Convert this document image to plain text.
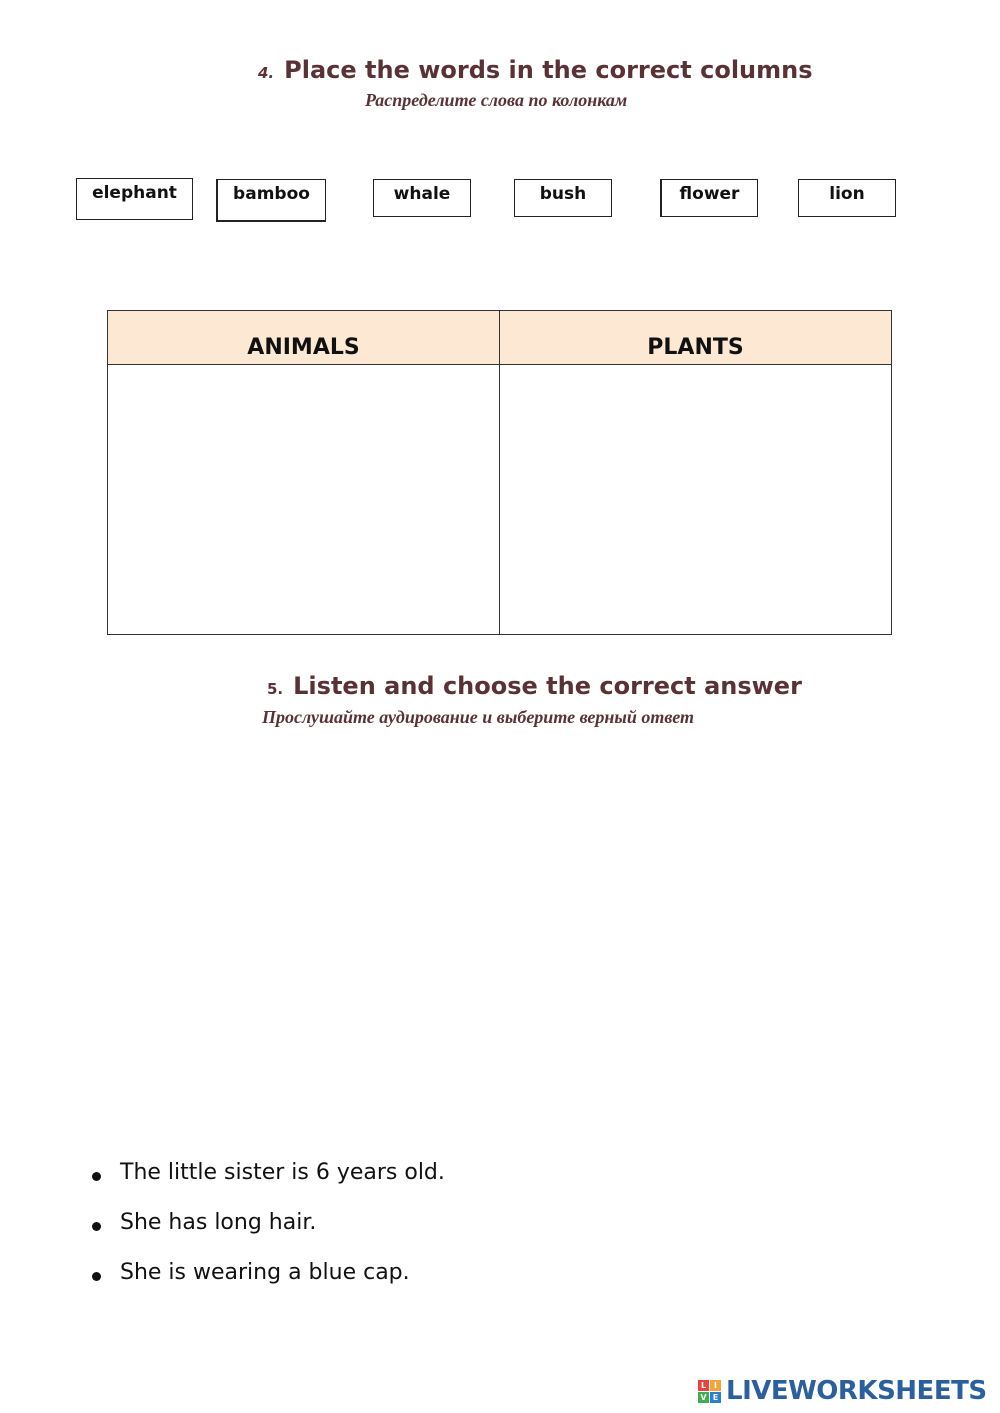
4. Place the words in the correct columns
Распределите слова по колонкам
elephant	bamboo	whale	bush	flower	lion
ANIMALS	PLANTS
5. Listen and choose the correct answer
Прослушайте аудирование и выберите верный ответ
The little sister is 6 years old.
She has long hair.
She is wearing a blue cap.
L I
V E LIVEWORKSHEETS
